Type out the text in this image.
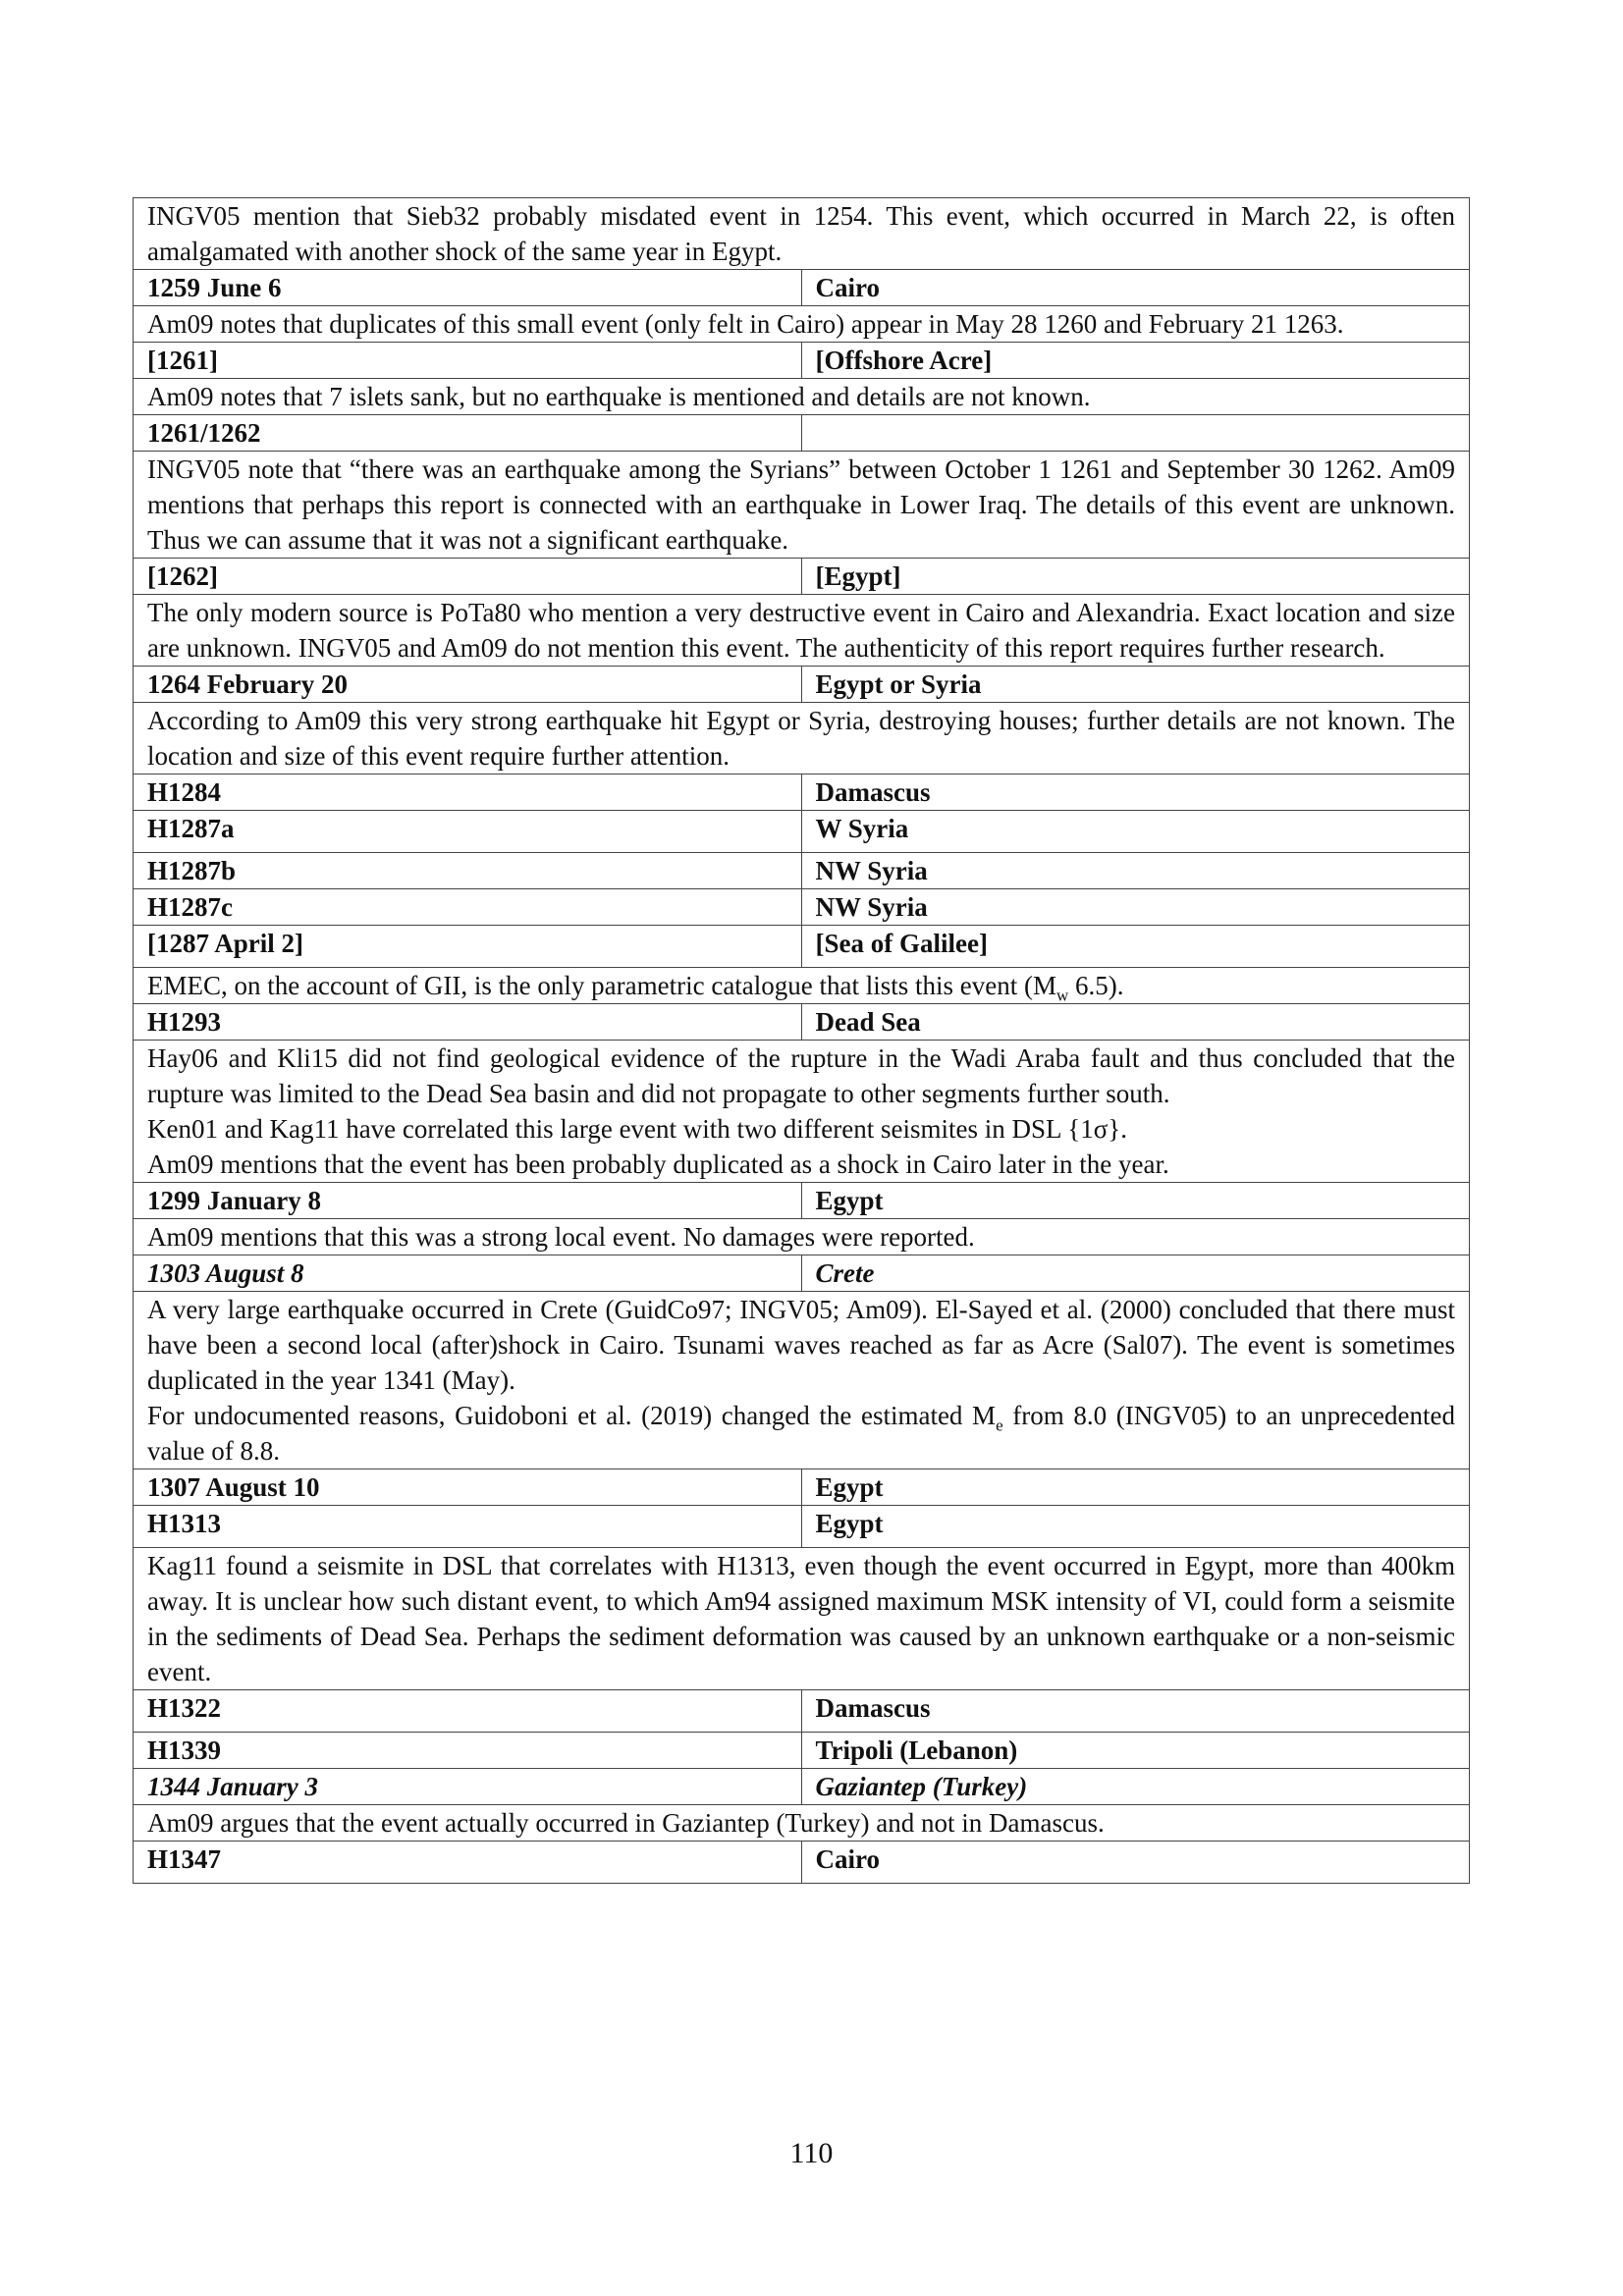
INGV05 mention that Sieb32 probably misdated event in 1254. This event, which occurred in March 22, is often amalgamated with another shock of the same year in Egypt.	

1259 June 6	Cairo

Am09 notes that duplicates of this small event (only felt in Cairo) appear in May 28 1260 and February 21 1263.	

[1261]	[Offshore Acre]

Am09 notes that 7 islets sank, but no earthquake is mentioned and details are not known.	

1261/1262	

INGV05 note that “there was an earthquake among the Syrians” between October 1 1261 and September 30 1262. Am09 mentions that perhaps this report is connected with an earthquake in Lower Iraq. The details of this event are unknown. Thus we can assume that it was not a significant earthquake.	

[1262]	[Egypt]

The only modern source is PoTa80 who mention a very destructive event in Cairo and Alexandria. Exact location and size are unknown. INGV05 and Am09 do not mention this event. The authenticity of this report requires further research.	

1264 February 20	Egypt or Syria

According to Am09 this very strong earthquake hit Egypt or Syria, destroying houses; further details are not known. The location and size of this event require further attention.	

H1284	Damascus
H1287a	W Syria
H1287b	NW Syria
H1287c	NW Syria
[1287 April 2]	[Sea of Galilee]

EMEC, on the account of GII, is the only parametric catalogue that lists this event ($M_w$ 6.5).	

H1293	Dead Sea

Hay06 and Kli15 did not find geological evidence of the rupture in the Wadi Araba fault and thus concluded that the rupture was limited to the Dead Sea basin and did not propagate to other segments further south.

Ken01 and Kag11 have correlated this large event with two different seismites in DSL {1σ}.

Am09 mentions that the event has been probably duplicated as a shock in Cairo later in the year.	

1299 January 8	Egypt

Am09 mentions that this was a strong local event. No damages were reported.	

1303 August 8	Crete

A very large earthquake occurred in Crete (GuidCo97; INGV05; Am09). El-Sayed et al. (2000) concluded that there must have been a second local (after)shock in Cairo. Tsunami waves reached as far as Acre (Sal07). The event is sometimes duplicated in the year 1341 (May).

For undocumented reasons, Guidoboni et al. (2019) changed the estimated $M_e$ from 8.0 (INGV05) to an unprecedented value of 8.8.	

1307 August 10	Egypt
H1313	Egypt

Kag11 found a seismite in DSL that correlates with H1313, even though the event occurred in Egypt, more than 400km away. It is unclear how such distant event, to which Am94 assigned maximum MSK intensity of VI, could form a seismite in the sediments of Dead Sea. Perhaps the sediment deformation was caused by an unknown earthquake or a non-seismic event.	

H1322	Damascus
H1339	Tripoli (Lebanon)
1344 January 3	Gaziantep (Turkey)

Am09 argues that the event actually occurred in Gaziantep (Turkey) and not in Damascus.	

H1347	Cairo
110
